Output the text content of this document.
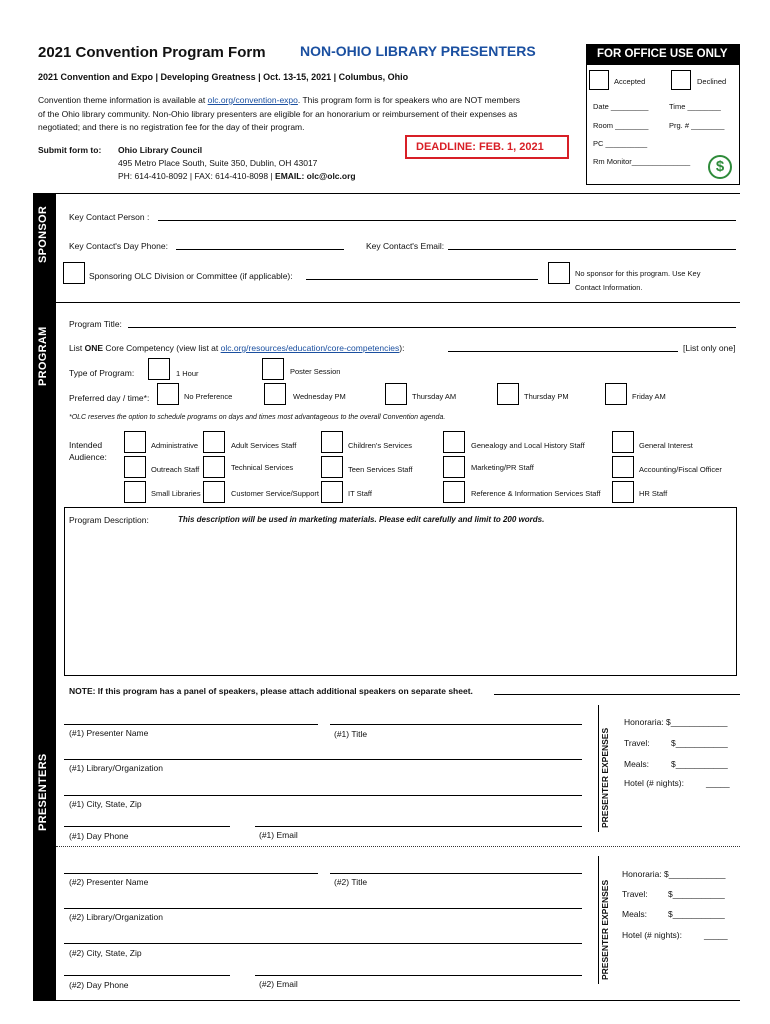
2021 Convention Program Form NON-OHIO LIBRARY PRESENTERS
2021 Convention and Expo | Developing Greatness | Oct. 13-15, 2021 | Columbus, Ohio
Convention theme information is available at olc.org/convention-expo. This program form is for speakers who are NOT members
of the Ohio library community. Non-Ohio library presenters are eligible for an honorarium or reimbursement of their expenses as
negotiated; and there is no registration fee for the day of their program.
Submit form to: Ohio Library Council
495 Metro Place South, Suite 350, Dublin, OH 43017
PH: 614-410-8092 | FAX: 614-410-8098 | EMAIL: olc@olc.org
DEADLINE: FEB. 1, 2021
FOR OFFICE USE ONLY
Accepted	Declined
Date _________	Time ________
Room ________	Prg. # ________
PC __________
Rm Monitor______________	$
SPONSOR
PROGRAM
PRESENTERS
Key Contact Person :
Key Contact's Day Phone:	Key Contact's Email:
Sponsoring OLC Division or Committee (if applicable):	No sponsor for this program. Use Key
Contact Information.
Program Title:
List ONE Core Competency (view list at olc.org/resources/education/core-competencies):	[List only one]
Type of Program:	1 Hour	Poster Session
Preferred day / time*:	No Preference	Wednesday PM	Thursday AM	Thursday PM	Friday AM
*OLC reserves the option to schedule programs on days and times most advantageous to the overall Convention agenda.
Intended
Audience:
Administrative	Adult Services Staff	Children's Services	Genealogy and Local History Staff	General Interest
Outreach Staff	Technical Services	Teen Services Staff	Marketing/PR Staff	Accounting/Fiscal Officer
Small Libraries	Customer Service/Support	IT Staff	Reference & Information Services Staff	HR Staff
Program Description:	This description will be used in marketing materials. Please edit carefully and limit to 200 words.
NOTE: If this program has a panel of speakers, please attach additional speakers on separate sheet.
(#1) Presenter Name	(#1) Title
(#1) Library/Organization
(#1) City, State, Zip
(#1) Day Phone	(#1) Email
PRESENTER EXPENSES
Honoraria: $____________
Travel:	$___________
Meals:	$___________
Hotel (# nights):	_____
(#2) Presenter Name	(#2) Title
(#2) Library/Organization
(#2) City, State, Zip
(#2) Day Phone	(#2) Email
PRESENTER EXPENSES
Honoraria: $____________
Travel: $___________
Meals: $___________
Hotel (# nights):	_____
